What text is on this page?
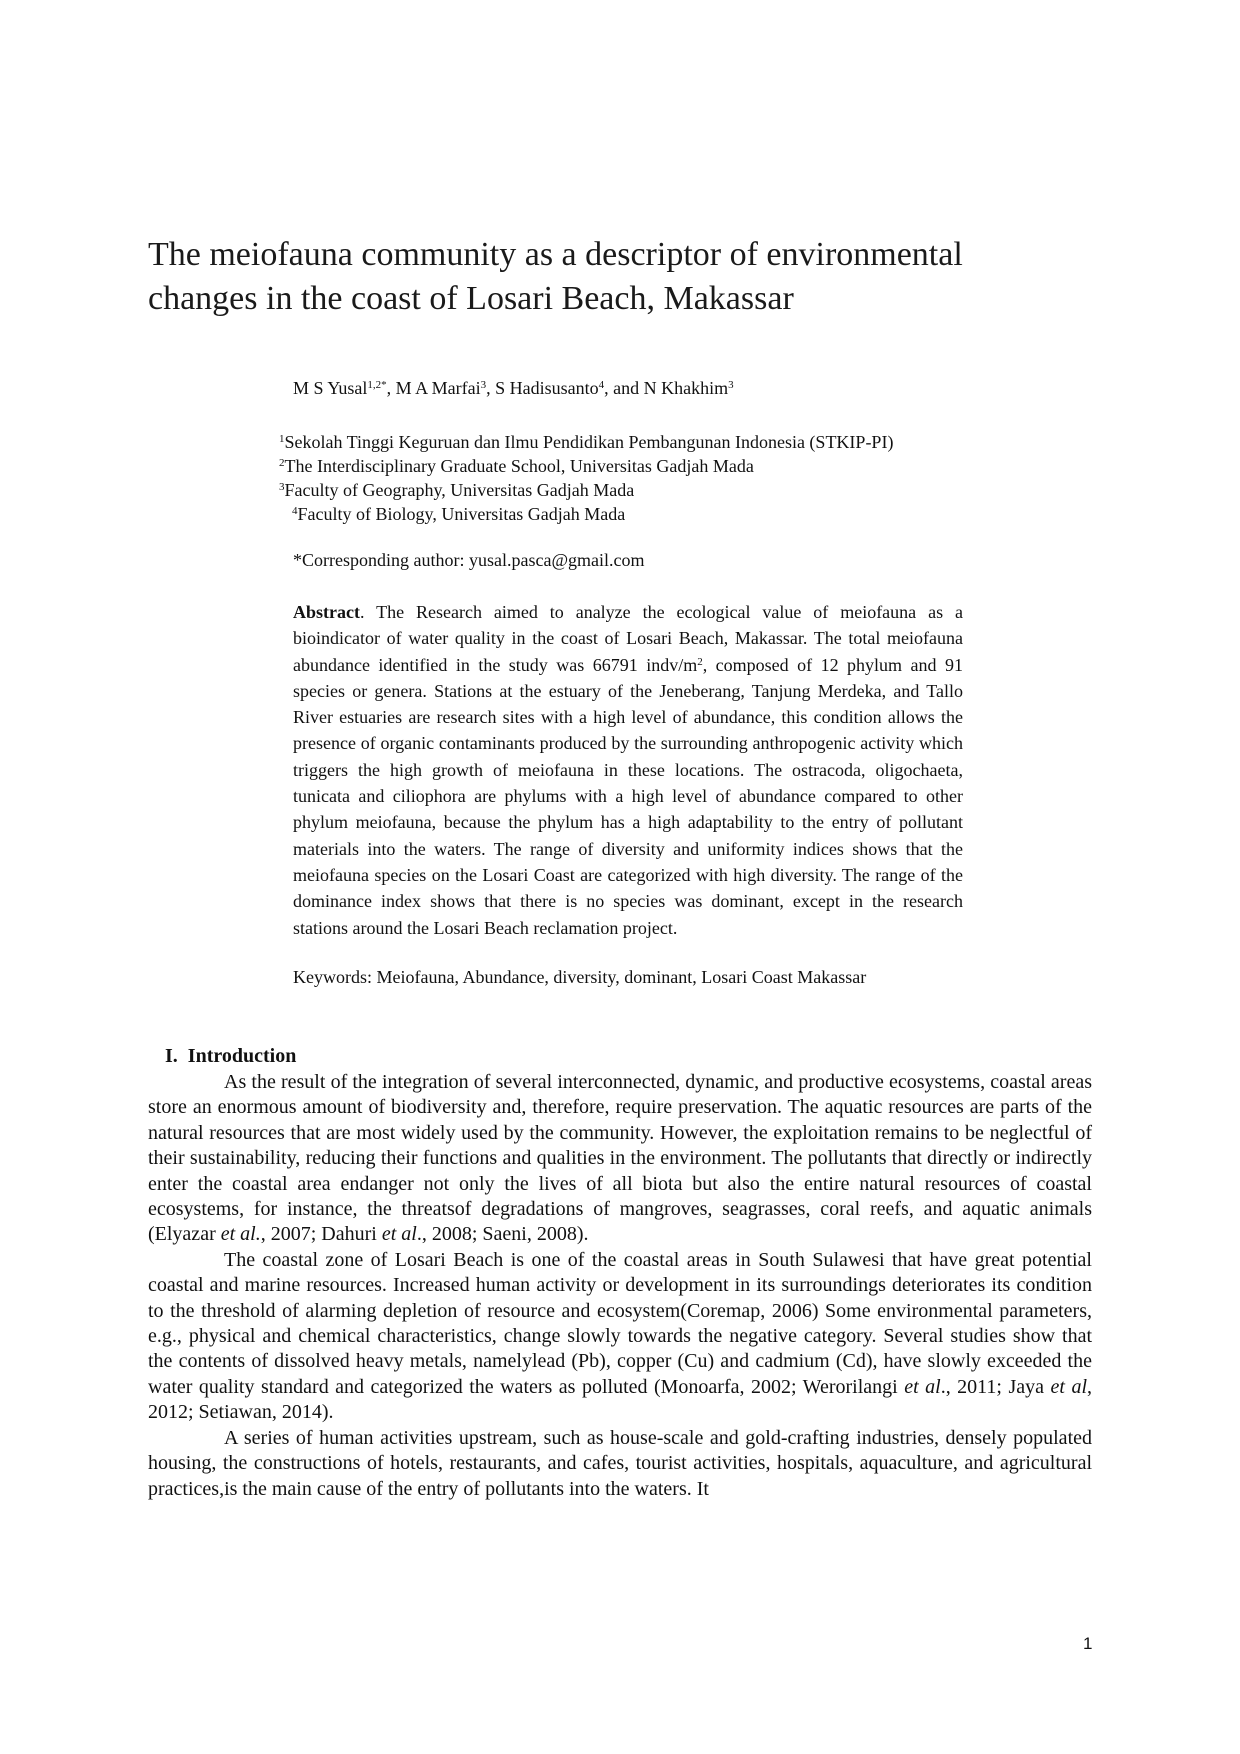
The meiofauna community as a descriptor of environmental
changes in the coast of Losari Beach, Makassar
M S Yusal$^{1,2*}$, M A Marfai$^3$, S Hadisusanto$^4$, and N Khakhim$^3$
$^1$Sekolah Tinggi Keguruan dan Ilmu Pendidikan Pembangunan Indonesia (STKIP-PI)
$^2$The Interdisciplinary Graduate School, Universitas Gadjah Mada
$^3$Faculty of Geography, Universitas Gadjah Mada
$^4$Faculty of Biology, Universitas Gadjah Mada
*Corresponding author: yusal.pasca@gmail.com
Abstract. The Research aimed to analyze the ecological value of meiofauna as a bioindicator of water quality in the coast of Losari Beach, Makassar. The total meiofauna abundance identified in the study was 66791 indv/$m^2$, composed of 12 phylum and 91 species or genera. Stations at the estuary of the Jeneberang, Tanjung Merdeka, and Tallo River estuaries are research sites with a high level of abundance, this condition allows the presence of organic contaminants produced by the surrounding anthropogenic activity which triggers the high growth of meiofauna in these locations. The ostracoda, oligochaeta, tunicata and ciliophora are phylums with a high level of abundance compared to other phylum meiofauna, because the phylum has a high adaptability to the entry of pollutant materials into the waters. The range of diversity and uniformity indices shows that the meiofauna species on the Losari Coast are categorized with high diversity. The range of the dominance index shows that there is no species was dominant, except in the research stations around the Losari Beach reclamation project.
Keywords: Meiofauna, Abundance, diversity, dominant, Losari Coast Makassar
I. Introduction

As the result of the integration of several interconnected, dynamic, and productive ecosystems, coastal areas store an enormous amount of biodiversity and, therefore, require preservation. The aquatic resources are parts of the natural resources that are most widely used by the community. However, the exploitation remains to be neglectful of their sustainability, reducing their functions and qualities in the environment. The pollutants that directly or indirectly enter the coastal area endanger not only the lives of all biota but also the entire natural resources of coastal ecosystems, for instance, the threatsof degradations of mangroves, seagrasses, coral reefs, and aquatic animals (Elyazar et al., 2007; Dahuri et al., 2008; Saeni, 2008).

The coastal zone of Losari Beach is one of the coastal areas in South Sulawesi that have great potential coastal and marine resources. Increased human activity or development in its surroundings deteriorates its condition to the threshold of alarming depletion of resource and ecosystem(Coremap, 2006) Some environmental parameters, e.g., physical and chemical characteristics, change slowly towards the negative category. Several studies show that the contents of dissolved heavy metals, namelylead (Pb), copper (Cu) and cadmium (Cd), have slowly exceeded the water quality standard and categorized the waters as polluted (Monoarfa, 2002; Werorilangi et al., 2011; Jaya et al, 2012; Setiawan, 2014).

A series of human activities upstream, such as house-scale and gold-crafting industries, densely populated housing, the constructions of hotels, restaurants, and cafes, tourist activities, hospitals, aquaculture, and agricultural practices,is the main cause of the entry of pollutants into the waters. It

1
